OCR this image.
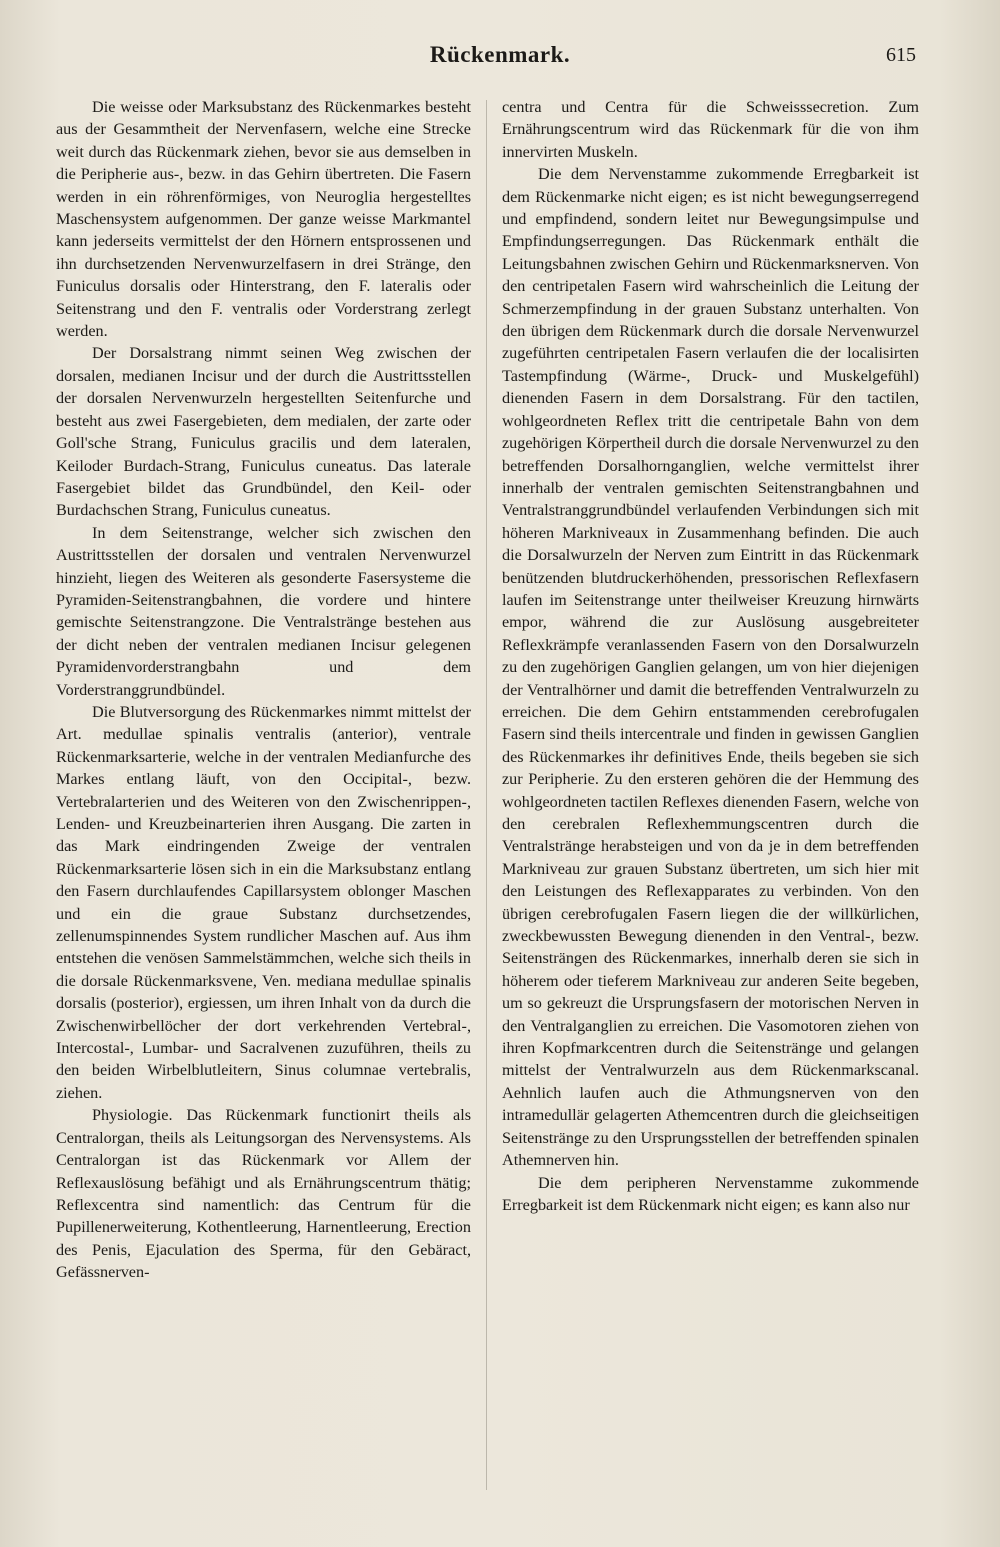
Rückenmark.	615

Die weisse oder Marksubstanz des Rückenmarkes besteht aus der Gesammtheit der Nervenfasern, welche eine Strecke weit durch das Rückenmark ziehen, bevor sie aus demselben in die Peripherie aus-, bezw. in das Gehirn übertreten. Die Fasern werden in ein röhrenförmiges, von Neuroglia hergestelltes Maschensystem aufgenommen. Der ganze weisse Markmantel kann jederseits vermittelst der den Hörnern entsprossenen und ihn durchsetzenden Nervenwurzelfasern in drei Stränge, den Funiculus dorsalis oder Hinterstrang, den F. lateralis oder Seitenstrang und den F. ventralis oder Vorderstrang zerlegt werden.

Der Dorsalstrang nimmt seinen Weg zwischen der dorsalen, medianen Incisur und der durch die Austrittsstellen der dorsalen Nervenwurzeln hergestellten Seitenfurche und besteht aus zwei Fasergebieten, dem medialen, der zarte oder Goll'sche Strang, Funiculus gracilis und dem lateralen, Keiloder Burdach-Strang, Funiculus cuneatus. Das laterale Fasergebiet bildet das Grundbündel, den Keil- oder Burdachschen Strang, Funiculus cuneatus.

In dem Seitenstrange, welcher sich zwischen den Austrittsstellen der dorsalen und ventralen Nervenwurzel hinzieht, liegen des Weiteren als gesonderte Fasersysteme die Pyramiden-Seitenstrangbahnen, die vordere und hintere gemischte Seitenstrangzone. Die Ventralstränge bestehen aus der dicht neben der ventralen medianen Incisur gelegenen Pyramidenvorderstrangbahn und dem Vorderstranggrundbündel.

Die Blutversorgung des Rückenmarkes nimmt mittelst der Art. medullae spinalis ventralis (anterior), ventrale Rückenmarksarterie, welche in der ventralen Medianfurche des Markes entlang läuft, von den Occipital-, bezw. Vertebralarterien und des Weiteren von den Zwischenrippen-, Lenden- und Kreuzbeinarterien ihren Ausgang. Die zarten in das Mark eindringenden Zweige der ventralen Rückenmarksarterie lösen sich in ein die Marksubstanz entlang den Fasern durchlaufendes Capillarsystem oblonger Maschen und ein die graue Substanz durchsetzendes, zellenumspinnendes System rundlicher Maschen auf. Aus ihm entstehen die venösen Sammelstämmchen, welche sich theils in die dorsale Rückenmarksvene, Ven. mediana medullae spinalis dorsalis (posterior), ergiessen, um ihren Inhalt von da durch die Zwischenwirbellöcher der dort verkehrenden Vertebral-, Intercostal-, Lumbar- und Sacralvenen zuzuführen, theils zu den beiden Wirbelblutleitern, Sinus columnae vertebralis, ziehen.

Physiologie. Das Rückenmark functionirt theils als Centralorgan, theils als Leitungsorgan des Nervensystems. Als Centralorgan ist das Rückenmark vor Allem der Reflexauslösung befähigt und als Ernährungscentrum thätig; Reflexcentra sind namentlich: das Centrum für die Pupillenerweiterung, Kothentleerung, Harnentleerung, Erection des Penis, Ejaculation des Sperma, für den Gebäract, Gefässnerven-

centra und Centra für die Schweisssecretion. Zum Ernährungscentrum wird das Rückenmark für die von ihm innervirten Muskeln.

Die dem Nervenstamme zukommende Erregbarkeit ist dem Rückenmarke nicht eigen; es ist nicht bewegungserregend und empfindend, sondern leitet nur Bewegungsimpulse und Empfindungserregungen. Das Rückenmark enthält die Leitungsbahnen zwischen Gehirn und Rückenmarksnerven. Von den centripetalen Fasern wird wahrscheinlich die Leitung der Schmerzempfindung in der grauen Substanz unterhalten. Von den übrigen dem Rückenmark durch die dorsale Nervenwurzel zugeführten centripetalen Fasern verlaufen die der localisirten Tastempfindung (Wärme-, Druck- und Muskelgefühl) dienenden Fasern in dem Dorsalstrang. Für den tactilen, wohlgeordneten Reflex tritt die centripetale Bahn von dem zugehörigen Körpertheil durch die dorsale Nervenwurzel zu den betreffenden Dorsalhornganglien, welche vermittelst ihrer innerhalb der ventralen gemischten Seitenstrangbahnen und Ventralstranggrundbündel verlaufenden Verbindungen sich mit höheren Markniveaux in Zusammenhang befinden. Die auch die Dorsalwurzeln der Nerven zum Eintritt in das Rückenmark benützenden blutdruckerhöhenden, pressorischen Reflexfasern laufen im Seitenstrange unter theilweiser Kreuzung hirnwärts empor, während die zur Auslösung ausgebreiteter Reflexkrämpfe veranlassenden Fasern von den Dorsalwurzeln zu den zugehörigen Ganglien gelangen, um von hier diejenigen der Ventralhörner und damit die betreffenden Ventralwurzeln zu erreichen. Die dem Gehirn entstammenden cerebrofugalen Fasern sind theils intercentrale und finden in gewissen Ganglien des Rückenmarkes ihr definitives Ende, theils begeben sie sich zur Peripherie. Zu den ersteren gehören die der Hemmung des wohlgeordneten tactilen Reflexes dienenden Fasern, welche von den cerebralen Reflexhemmungscentren durch die Ventralstränge herabsteigen und von da je in dem betreffenden Markniveau zur grauen Substanz übertreten, um sich hier mit den Leistungen des Reflexapparates zu verbinden. Von den übrigen cerebrofugalen Fasern liegen die der willkürlichen, zweckbewussten Bewegung dienenden in den Ventral-, bezw. Seitensträngen des Rückenmarkes, innerhalb deren sie sich in höherem oder tieferem Markniveau zur anderen Seite begeben, um so gekreuzt die Ursprungsfasern der motorischen Nerven in den Ventralganglien zu erreichen. Die Vasomotoren ziehen von ihren Kopfmarkcentren durch die Seitenstränge und gelangen mittelst der Ventralwurzeln aus dem Rückenmarkscanal. Aehnlich laufen auch die Athmungsnerven von den intramedullär gelagerten Athemcentren durch die gleichseitigen Seitenstränge zu den Ursprungsstellen der betreffenden spinalen Athemnerven hin.

Die dem peripheren Nervenstamme zukommende Erregbarkeit ist dem Rückenmark nicht eigen; es kann also nur
